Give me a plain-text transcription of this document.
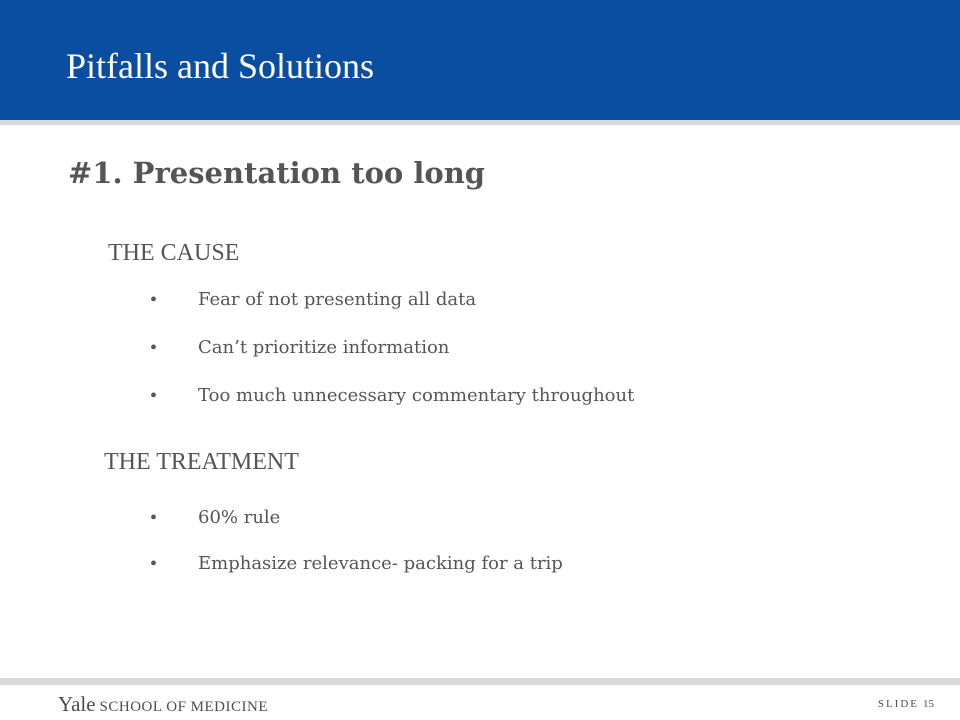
Pitfalls and Solutions
#1. Presentation too long
THE CAUSE
• Fear of not presenting all data
• Can’t prioritize information
• Too much unnecessary commentary throughout
THE TREATMENT
• 60% rule
• Emphasize relevance- packing for a trip
Yale SCHOOL OF MEDICINE	SLIDE 15
